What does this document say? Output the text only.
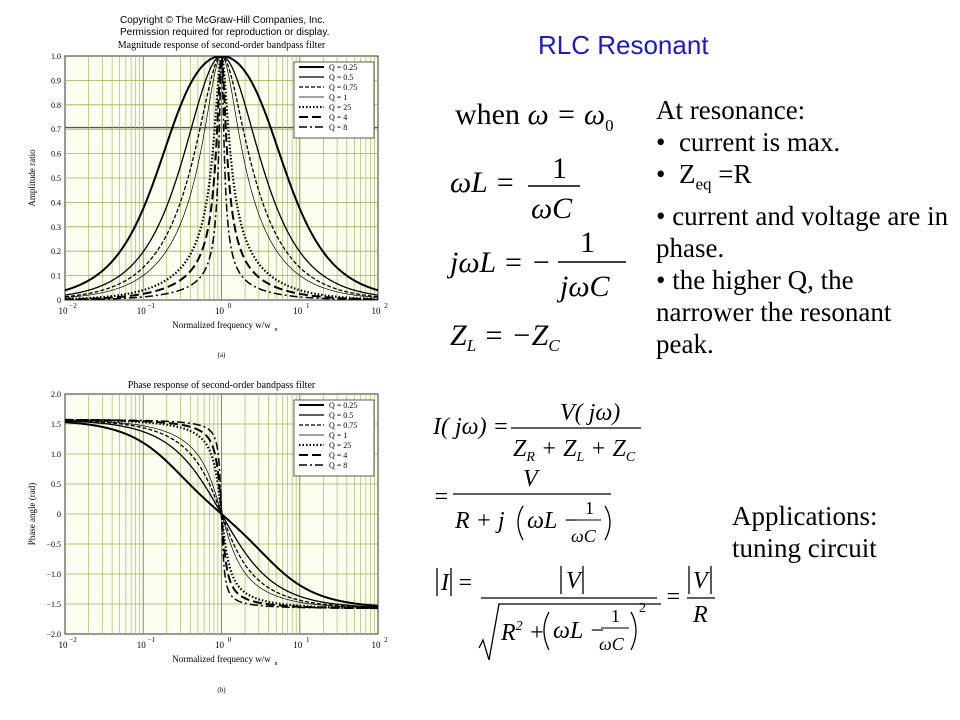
Copyright © The McGraw-Hill Companies, Inc.
Permission required for reproduction or display.	RLC Resonant
Magnitude response of second-order bandpass filter
0
0.1
0.2
0.3
0.4
0.5
0.6
0.7
0.8
0.9
1.0
10 −2	10 −1	10 0	10 1	10 2
Normalized frequency w/w n
Amplitude ratio
(a)
Q = 0.25
Q = 0.5
Q = 0.75
Q = 1
Q = 25
Q = 4
Q = 8
Phase response of second-order bandpass filter
−2.0
−1.5
−1.0
−0.5
0
0.5
1.0
1.5
2.0
10 −2	10 −1	10 0	10 1	10 2
Normalized frequency w/w n
Phase angle (rad)
(b)
Q = 0.25
Q = 0.5
Q = 0.75
Q = 1
Q = 25
Q = 4
Q = 8
At resonance:
•  current is max.
•  $Z_{eq} =R$
• current and voltage are in phase.
• the higher Q, the narrower the resonant peak.
Applications:
tuning circuit
when $\omega = \omega_0$
ωL = 1
ωC
jωL = −
1
jωC
$Z_L = -Z_C$
I( jω) =
V( jω)
$Z_R + Z_L + Z_C$
=
V
R + j ωL − 1
ωC
I =	V
$R^2 + \omega L$ −
1
ωC
2 =
V
R
